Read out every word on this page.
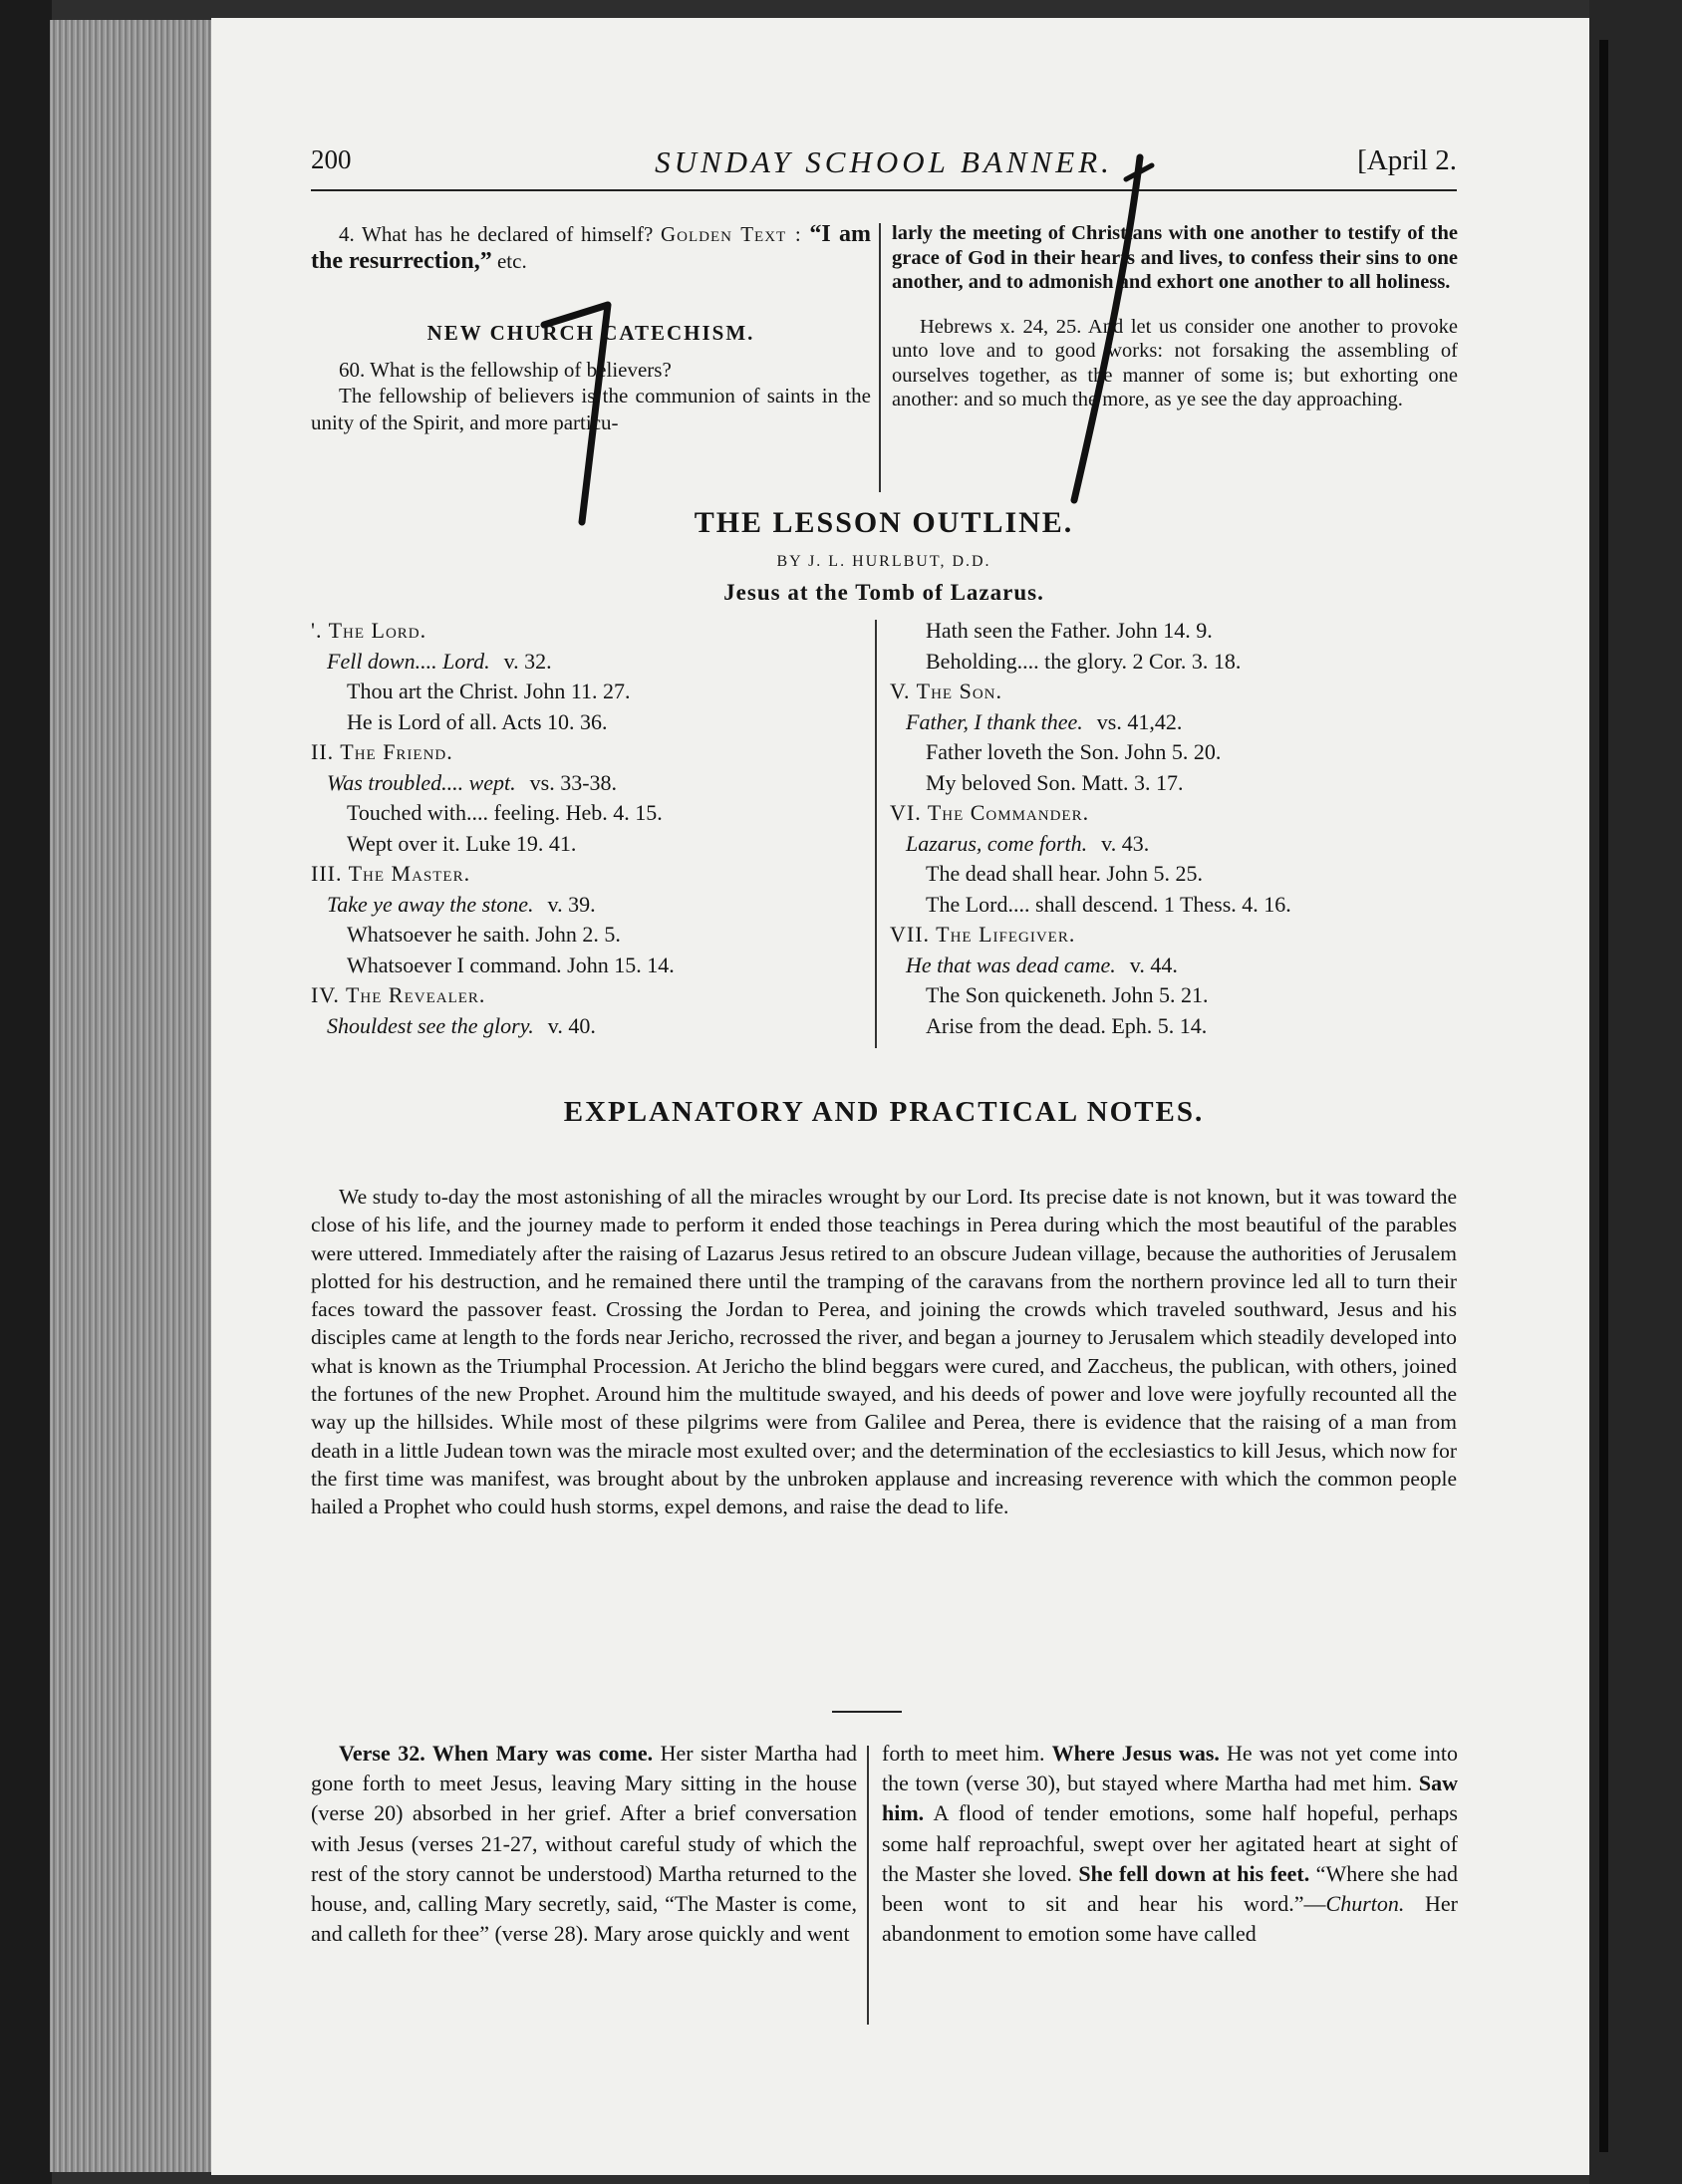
200	SUNDAY SCHOOL BANNER.	[April 2.

4. What has he declared of himself? Golden Text : “I am the resurrection,” etc.

NEW CHURCH CATECHISM.

60. What is the fellowship of believers?

The fellowship of believers is the communion of saints in the unity of the Spirit, and more particu-

larly the meeting of Christians with one another to testify of the grace of God in their hearts and lives, to confess their sins to one another, and to admonish and exhort one another to all holiness.

Hebrews x. 24, 25. And let us consider one another to provoke unto love and to good works: not forsaking the assembling of ourselves together, as the manner of some is; but exhorting one another: and so much the more, as ye see the day approaching.

THE LESSON OUTLINE.
BY J. L. HURLBUT, D.D.
Jesus at the Tomb of Lazarus.
'. The Lord.
Fell down.... Lord. v. 32.
Thou art the Christ. John 11. 27.
He is Lord of all. Acts 10. 36.
II. The Friend.
Was troubled.... wept. vs. 33-38.
Touched with.... feeling. Heb. 4. 15.
Wept over it. Luke 19. 41.
III. The Master.
Take ye away the stone. v. 39.
Whatsoever he saith. John 2. 5.
Whatsoever I command. John 15. 14.
IV. The Revealer.
Shouldest see the glory. v. 40.
Hath seen the Father. John 14. 9.
Beholding.... the glory. 2 Cor. 3. 18.
V. The Son.
Father, I thank thee. vs. 41,42.
Father loveth the Son. John 5. 20.
My beloved Son. Matt. 3. 17.
VI. The Commander.
Lazarus, come forth. v. 43.
The dead shall hear. John 5. 25.
The Lord.... shall descend. 1 Thess. 4. 16.
VII. The Lifegiver.
He that was dead came. v. 44.
The Son quickeneth. John 5. 21.
Arise from the dead. Eph. 5. 14.
EXPLANATORY AND PRACTICAL NOTES.

We study to-day the most astonishing of all the miracles wrought by our Lord. Its precise date is not known, but it was toward the close of his life, and the journey made to perform it ended those teachings in Perea during which the most beautiful of the parables were uttered. Immediately after the raising of Lazarus Jesus retired to an obscure Judean village, because the authorities of Jerusalem plotted for his destruction, and he remained there until the tramping of the caravans from the northern province led all to turn their faces toward the passover feast. Crossing the Jordan to Perea, and joining the crowds which traveled southward, Jesus and his disciples came at length to the fords near Jericho, recrossed the river, and began a journey to Jerusalem which steadily developed into what is known as the Triumphal Procession. At Jericho the blind beggars were cured, and Zaccheus, the publican, with others, joined the fortunes of the new Prophet. Around him the multitude swayed, and his deeds of power and love were joyfully recounted all the way up the hillsides. While most of these pilgrims were from Galilee and Perea, there is evidence that the raising of a man from death in a little Judean town was the miracle most exulted over; and the determination of the ecclesiastics to kill Jesus, which now for the first time was manifest, was brought about by the unbroken applause and increasing reverence with which the common people hailed a Prophet who could hush storms, expel demons, and raise the dead to life.

Verse 32. When Mary was come. Her sister Martha had gone forth to meet Jesus, leaving Mary sitting in the house (verse 20) absorbed in her grief. After a brief conversation with Jesus (verses 21-27, without careful study of which the rest of the story cannot be understood) Martha returned to the house, and, calling Mary secretly, said, “The Master is come, and calleth for thee” (verse 28). Mary arose quickly and went

forth to meet him. Where Jesus was. He was not yet come into the town (verse 30), but stayed where Martha had met him. Saw him. A flood of tender emotions, some half hopeful, perhaps some half reproachful, swept over her agitated heart at sight of the Master she loved. She fell down at his feet. “Where she had been wont to sit and hear his word.”—Churton. Her abandonment to emotion some have called
